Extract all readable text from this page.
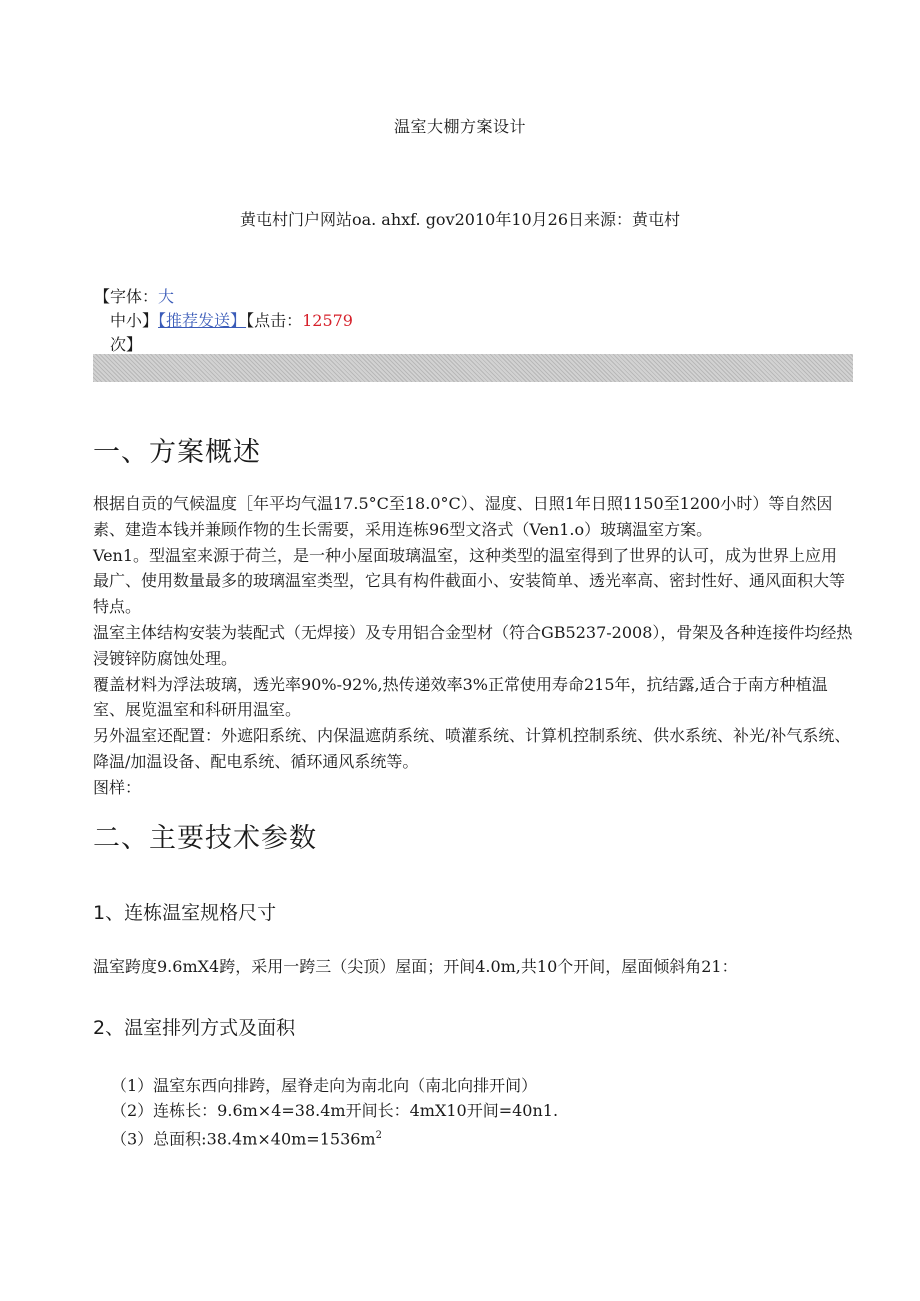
温室大棚方案设计
黄屯村门户网站oa. ahxf. gov2010年10月26日来源：黄屯村
【字体：大
中小】【推荐发送】【点击：12579次】
一、方案概述

根据自贡的气候温度［年平均气温17.5°C至18.0°C）、湿度、日照1年日照1150至1200小时）等自然因素、建造本钱并兼顾作物的生长需要，采用连栋96型文洛式（Ven1.o）玻璃温室方案。

Ven1。型温室来源于荷兰，是一种小屋面玻璃温室，这种类型的温室得到了世界的认可，成为世界上应用最广、使用数量最多的玻璃温室类型，它具有构件截面小、安装简单、透光率高、密封性好、通风面积大等特点。

温室主体结构安装为装配式（无焊接）及专用铝合金型材（符合GB5237-2008），骨架及各种连接件均经热浸镀锌防腐蚀处理。

覆盖材料为浮法玻璃，透光率90%-92%,热传递效率3%正常使用寿命215年，抗结露,适合于南方种植温室、展览温室和科研用温室。

另外温室还配置：外遮阳系统、内保温遮荫系统、喷灌系统、计算机控制系统、供水系统、补光/补气系统、降温/加温设备、配电系统、循环通风系统等。

图样：

二、主要技术参数
1、连栋温室规格尺寸
温室跨度9.6mX4跨，采用一跨三（尖顶）屋面；开间4.0m,共10个开间，屋面倾斜角21：
2、温室排列方式及面积
（1）温室东西向排跨，屋脊走向为南北向（南北向排开间）
（2）连栋长：9.6m×4=38.4m开间长：4mX10开间=40n1.
（3）总面积$:38.4m\times 40m=1536m^2$
